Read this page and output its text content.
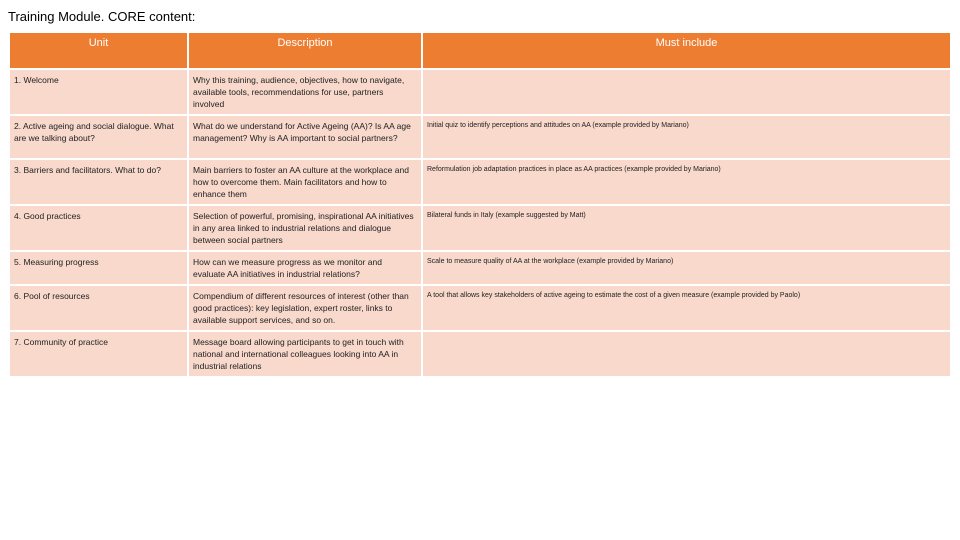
Training Module. CORE content:
Unit	Description	Must include
1. Welcome	Why this training, audience, objectives, how to navigate, available tools, recommendations for use, partners involved	
2. Active ageing and social dialogue. What are we talking about?	What do we understand for Active Ageing (AA)? Is AA age management? Why is AA important to social partners?	Initial quiz to identify perceptions and attitudes on AA (example provided by Mariano)
3. Barriers and facilitators. What to do?	Main barriers to foster an AA culture at the workplace and how to overcome them. Main facilitators and how to enhance them	Reformulation job adaptation practices in place as AA practices (example provided by Mariano)
4. Good practices	Selection of powerful, promising, inspirational AA initiatives in any area linked to industrial relations and dialogue between social partners	Bilateral funds in Italy (example suggested by Matt)
5. Measuring progress	How can we measure progress as we monitor and evaluate AA initiatives in industrial relations?	Scale to measure quality of AA at the workplace (example provided by Mariano)
6. Pool of resources	Compendium of different resources of interest (other than good practices): key legislation, expert roster, links to available support services, and so on.	A tool that allows key stakeholders of active ageing to estimate the cost of a given measure (example provided by Paolo)
7. Community of practice	Message board allowing participants to get in touch with national and international colleagues looking into AA in industrial relations	
